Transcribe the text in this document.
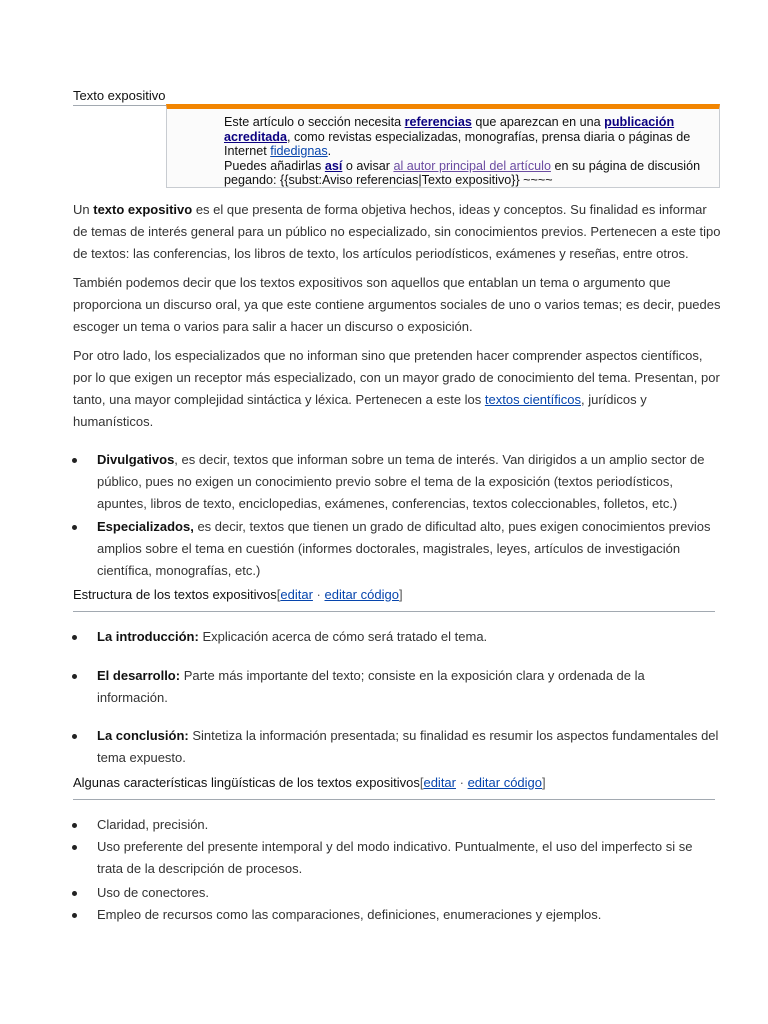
Texto expositivo
Este artículo o sección necesita referencias que aparezcan en una publicación acreditada, como revistas especializadas, monografías, prensa diaria o páginas de Internet fidedignas.
Puedes añadirlas así o avisar al autor principal del artículo en su página de discusión pegando: {{subst:Aviso referencias|Texto expositivo}} ~~~~
Un texto expositivo es el que presenta de forma objetiva hechos, ideas y conceptos. Su finalidad es informar de temas de interés general para un público no especializado, sin conocimientos previos. Pertenecen a este tipo de textos: las conferencias, los libros de texto, los artículos periodísticos, exámenes y reseñas, entre otros.
También podemos decir que los textos expositivos son aquellos que entablan un tema o argumento que proporciona un discurso oral, ya que este contiene argumentos sociales de uno o varios temas; es decir, puedes escoger un tema o varios para salir a hacer un discurso o exposición.
Por otro lado, los especializados que no informan sino que pretenden hacer comprender aspectos científicos, por lo que exigen un receptor más especializado, con un mayor grado de conocimiento del tema. Presentan, por tanto, una mayor complejidad sintáctica y léxica. Pertenecen a este los textos científicos, jurídicos y humanísticos.
Divulgativos, es decir, textos que informan sobre un tema de interés. Van dirigidos a un amplio sector de público, pues no exigen un conocimiento previo sobre el tema de la exposición (textos periodísticos, apuntes, libros de texto, enciclopedias, exámenes, conferencias, textos coleccionables, folletos, etc.)
Especializados, es decir, textos que tienen un grado de dificultad alto, pues exigen conocimientos previos amplios sobre el tema en cuestión (informes doctorales, magistrales, leyes, artículos de investigación científica, monografías, etc.)
Estructura de los textos expositivos[editar · editar código]
La introducción: Explicación acerca de cómo será tratado el tema.
El desarrollo: Parte más importante del texto; consiste en la exposición clara y ordenada de la información.
La conclusión: Sintetiza la información presentada; su finalidad es resumir los aspectos fundamentales del tema expuesto.
Algunas características lingüísticas de los textos expositivos[editar · editar código]
Claridad, precisión.
Uso preferente del presente intemporal y del modo indicativo. Puntualmente, el uso del imperfecto si se trata de la descripción de procesos.
Uso de conectores.
Empleo de recursos como las comparaciones, definiciones, enumeraciones y ejemplos.
